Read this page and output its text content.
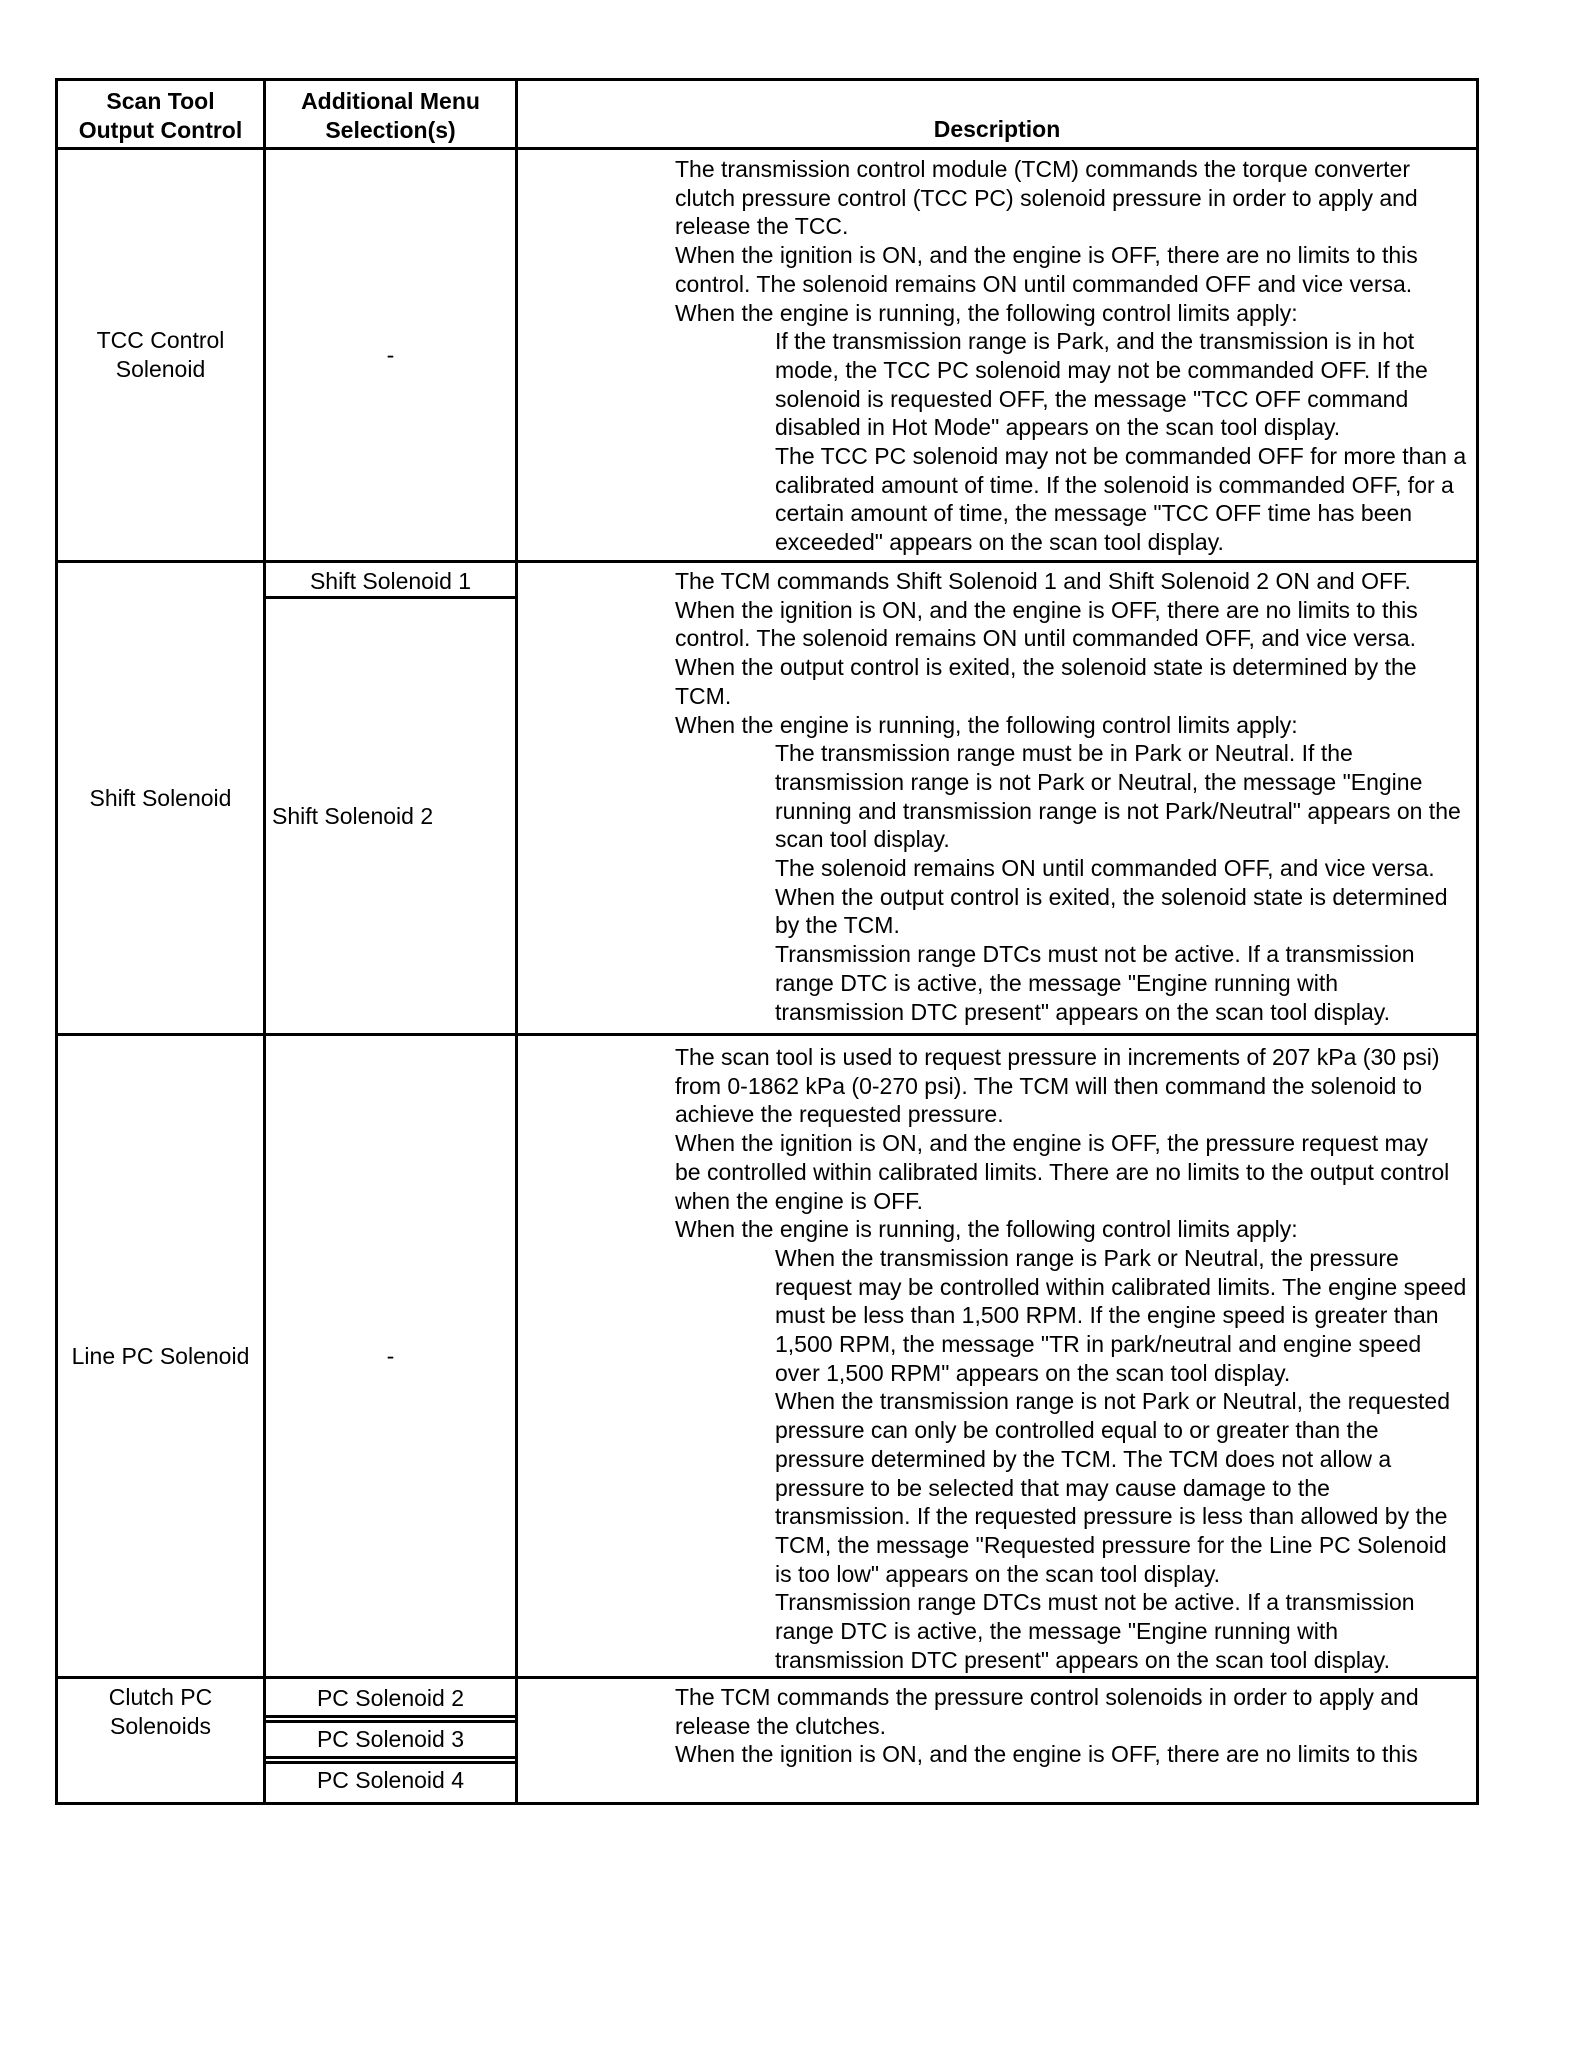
Scan Tool
Output Control
Additional Menu
Selection(s)	Description
TCC Control
Solenoid
-
The transmission control module (TCM) commands the torque converter
clutch pressure control (TCC PC) solenoid pressure in order to apply and
release the TCC.
When the ignition is ON, and the engine is OFF, there are no limits to this
control. The solenoid remains ON until commanded OFF and vice versa.
When the engine is running, the following control limits apply:
If the transmission range is Park, and the transmission is in hot
mode, the TCC PC solenoid may not be commanded OFF. If the
solenoid is requested OFF, the message "TCC OFF command
disabled in Hot Mode" appears on the scan tool display.
The TCC PC solenoid may not be commanded OFF for more than a
calibrated amount of time. If the solenoid is commanded OFF, for a
certain amount of time, the message "TCC OFF time has been
exceeded" appears on the scan tool display.
Shift Solenoid
Shift Solenoid 1
Shift Solenoid 2
The TCM commands Shift Solenoid 1 and Shift Solenoid 2 ON and OFF.
When the ignition is ON, and the engine is OFF, there are no limits to this
control. The solenoid remains ON until commanded OFF, and vice versa.
When the output control is exited, the solenoid state is determined by the
TCM.
When the engine is running, the following control limits apply:
The transmission range must be in Park or Neutral. If the
transmission range is not Park or Neutral, the message "Engine
running and transmission range is not Park/Neutral" appears on the
scan tool display.
The solenoid remains ON until commanded OFF, and vice versa.
When the output control is exited, the solenoid state is determined
by the TCM.
Transmission range DTCs must not be active. If a transmission
range DTC is active, the message "Engine running with
transmission DTC present" appears on the scan tool display.
Line PC Solenoid	-
The scan tool is used to request pressure in increments of 207 kPa (30 psi)
from 0-1862 kPa (0-270 psi). The TCM will then command the solenoid to
achieve the requested pressure.
When the ignition is ON, and the engine is OFF, the pressure request may
be controlled within calibrated limits. There are no limits to the output control
when the engine is OFF.
When the engine is running, the following control limits apply:
When the transmission range is Park or Neutral, the pressure
request may be controlled within calibrated limits. The engine speed
must be less than 1,500 RPM. If the engine speed is greater than
1,500 RPM, the message "TR in park/neutral and engine speed
over 1,500 RPM" appears on the scan tool display.
When the transmission range is not Park or Neutral, the requested
pressure can only be controlled equal to or greater than the
pressure determined by the TCM. The TCM does not allow a
pressure to be selected that may cause damage to the
transmission. If the requested pressure is less than allowed by the
TCM, the message "Requested pressure for the Line PC Solenoid
is too low" appears on the scan tool display.
Transmission range DTCs must not be active. If a transmission
range DTC is active, the message "Engine running with
transmission DTC present" appears on the scan tool display.
Clutch PC
Solenoids
PC Solenoid 2
PC Solenoid 3
PC Solenoid 4
The TCM commands the pressure control solenoids in order to apply and
release the clutches.
When the ignition is ON, and the engine is OFF, there are no limits to this
